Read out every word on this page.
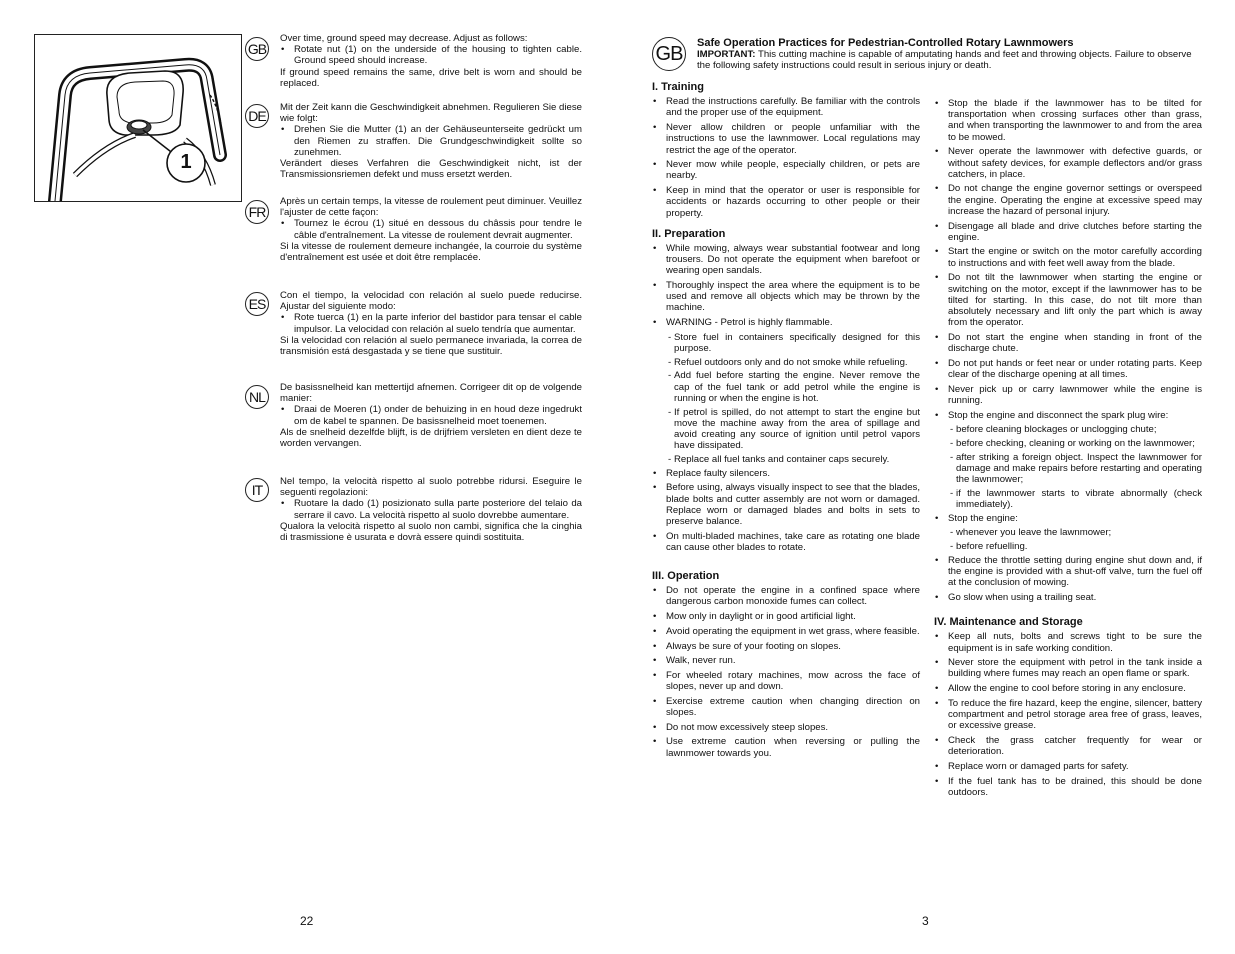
1
GB

Over time, ground speed may decrease. Adjust as follows:

• Rotate nut (1) on the underside of the housing to tighten cable. Ground speed should increase.

If ground speed remains the same, drive belt is worn and should be replaced.

DE

Mit der Zeit kann die Geschwindigkeit abnehmen. Regulieren Sie diese wie folgt:

• Drehen Sie die Mutter (1) an der Gehäuseunterseite gedrückt um den Riemen zu straffen. Die Grundgeschwindigkeit sollte so zunehmen.

Verändert dieses Verfahren die Geschwindigkeit nicht, ist der Transmissionsriemen defekt und muss ersetzt werden.

FR

Après un certain temps, la vitesse de roulement peut diminuer. Veuillez l'ajuster de cette façon:

• Tournez le écrou (1) situé en dessous du châssis pour tendre le câble d'entraînement. La vitesse de roulement devrait augmenter.

Si la vitesse de roulement demeure inchangée, la courroie du système d'entraînement est usée et doit être remplacée.

ES

Con el tiempo, la velocidad con relación al suelo puede reducirse. Ajustar del siguiente modo:

• Rote tuerca (1) en la parte inferior del bastidor para tensar el cable impulsor. La velocidad con relación al suelo tendría que aumentar.

Si la velocidad con relación al suelo permanece invariada, la correa de transmisión está desgastada y se tiene que sustituir.

NL

De basissnelheid kan mettertijd afnemen. Corrigeer dit op de volgende manier:

• Draai de Moeren (1) onder de behuizing in en houd deze ingedrukt om de kabel te spannen. De basissnelheid moet toenemen.

Als de snelheid dezelfde blijft, is de drijfriem versleten en dient deze te worden vervangen.

IT

Nel tempo, la velocità rispetto al suolo potrebbe ridursi. Eseguire le seguenti regolazioni:

• Ruotare la dado (1) posizionato sulla parte posteriore del telaio da serrare il cavo. La velocità rispetto al suolo dovrebbe aumentare.

Qualora la velocità rispetto al suolo non cambi, significa che la cinghia di trasmissione è usurata e dovrà essere quindi sostituita.

22
GB	Safe Operation Practices for Pedestrian-Controlled Rotary Lawnmowers
IMPORTANT: This cutting machine is capable of amputating hands and feet and throwing objects. Failure to observe the following safety instructions could result in serious injury or death.
I. Training
• Read the instructions carefully. Be familiar with the controls and the proper use of the equipment.
• Never allow children or people unfamiliar with the instructions to use the lawnmower. Local regulations may restrict the age of the operator.
• Never mow while people, especially children, or pets are nearby.
• Keep in mind that the operator or user is responsible for accidents or hazards occurring to other people or their property.
II. Preparation
• While mowing, always wear substantial footwear and long trousers. Do not operate the equipment when barefoot or wearing open sandals.
• Thoroughly inspect the area where the equipment is to be used and remove all objects which may be thrown by the machine.
• WARNING - Petrol is highly flammable.
- Store fuel in containers specifically designed for this purpose.
- Refuel outdoors only and do not smoke while refueling.
- Add fuel before starting the engine. Never remove the cap of the fuel tank or add petrol while the engine is running or when the engine is hot.
- If petrol is spilled, do not attempt to start the engine but move the machine away from the area of spillage and avoid creating any source of ignition until petrol vapors have dissipated.
- Replace all fuel tanks and container caps securely.
• Replace faulty silencers.
• Before using, always visually inspect to see that the blades, blade bolts and cutter assembly are not worn or damaged. Replace worn or damaged blades and bolts in sets to preserve balance.
• On multi-bladed machines, take care as rotating one blade can cause other blades to rotate.
III. Operation
• Do not operate the engine in a confined space where dangerous carbon monoxide fumes can collect.
• Mow only in daylight or in good artificial light.
• Avoid operating the equipment in wet grass, where feasible.
• Always be sure of your footing on slopes.
• Walk, never run.
• For wheeled rotary machines, mow across the face of slopes, never up and down.
• Exercise extreme caution when changing direction on slopes.
• Do not mow excessively steep slopes.
• Use extreme caution when reversing or pulling the lawnmower towards you.
• Stop the blade if the lawnmower has to be tilted for transportation when crossing surfaces other than grass, and when transporting the lawnmower to and from the area to be mowed.
• Never operate the lawnmower with defective guards, or without safety devices, for example deflectors and/or grass catchers, in place.
• Do not change the engine governor settings or overspeed the engine. Operating the engine at excessive speed may increase the hazard of personal injury.
• Disengage all blade and drive clutches before starting the engine.
• Start the engine or switch on the motor carefully according to instructions and with feet well away from the blade.
• Do not tilt the lawnmower when starting the engine or switching on the motor, except if the lawnmower has to be tilted for starting. In this case, do not tilt more than absolutely necessary and lift only the part which is away from the operator.
• Do not start the engine when standing in front of the discharge chute.
• Do not put hands or feet near or under rotating parts. Keep clear of the discharge opening at all times.
• Never pick up or carry lawnmower while the engine is running.
• Stop the engine and disconnect the spark plug wire:
- before cleaning blockages or unclogging chute;
- before checking, cleaning or working on the lawnmower;
- after striking a foreign object. Inspect the lawnmower for damage and make repairs before restarting and operating the lawnmower;
- if the lawnmower starts to vibrate abnormally (check immediately).
• Stop the engine:
- whenever you leave the lawnmower;
- before refuelling.
• Reduce the throttle setting during engine shut down and, if the engine is provided with a shut-off valve, turn the fuel off at the conclusion of mowing.
• Go slow when using a trailing seat.
IV. Maintenance and Storage
• Keep all nuts, bolts and screws tight to be sure the equipment is in safe working condition.
• Never store the equipment with petrol in the tank inside a building where fumes may reach an open flame or spark.
• Allow the engine to cool before storing in any enclosure.
• To reduce the fire hazard, keep the engine, silencer, battery compartment and petrol storage area free of grass, leaves, or excessive grease.
• Check the grass catcher frequently for wear or deterioration.
• Replace worn or damaged parts for safety.
• If the fuel tank has to be drained, this should be done outdoors.
3
